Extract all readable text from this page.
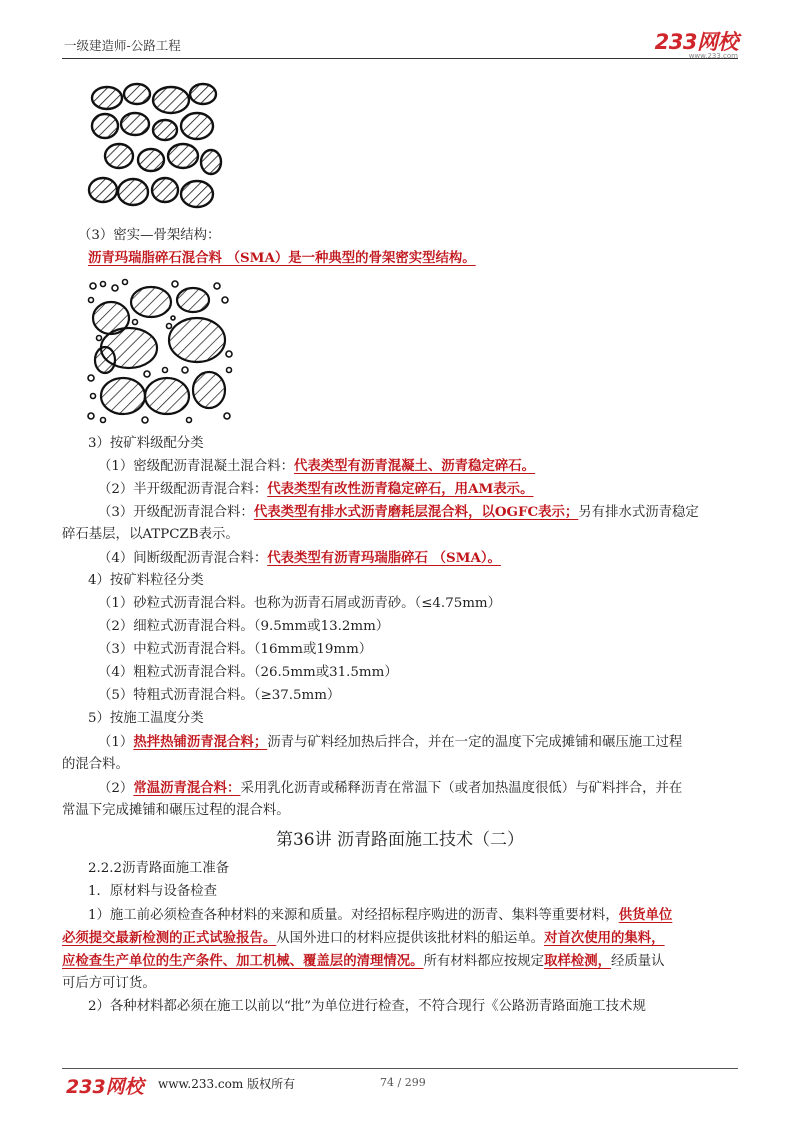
一级建造师-公路工程	233网校
www.233.com
（3）密实—骨架结构：
沥青玛瑞脂碎石混合料 （SMA）是一种典型的骨架密实型结构。
3）按矿料级配分类
（1）密级配沥青混凝土混合料：代表类型有沥青混凝土、沥青稳定碎石。
（2）半开级配沥青混合料：代表类型有改性沥青稳定碎石，用AM表示。
（3）开级配沥青混合料：代表类型有排水式沥青磨耗层混合料，以OGFC表示；另有排水式沥青稳定
碎石基层，以ATPCZB表示。
（4）间断级配沥青混合料：代表类型有沥青玛瑞脂碎石 （SMA）。
4）按矿料粒径分类
（1）砂粒式沥青混合料。也称为沥青石屑或沥青砂。（≤4.75mm）
（2）细粒式沥青混合料。（9.5mm或13.2mm）
（3）中粒式沥青混合料。（16mm或19mm）
（4）粗粒式沥青混合料。（26.5mm或31.5mm）
（5）特粗式沥青混合料。（≥37.5mm）
5）按施工温度分类
（1）热拌热铺沥青混合料；沥青与矿料经加热后拌合，并在一定的温度下完成摊铺和碾压施工过程
的混合料。
（2）常温沥青混合料：采用乳化沥青或稀释沥青在常温下（或者加热温度很低）与矿料拌合，并在
常温下完成摊铺和碾压过程的混合料。
第36讲 沥青路面施工技术（二）
2.2.2沥青路面施工准备
1．原材料与设备检查
1）施工前必须检查各种材料的来源和质量。对经招标程序购进的沥青、集料等重要材料，供货单位
必须提交最新检测的正式试验报告。从国外进口的材料应提供该批材料的船运单。对首次使用的集料，
应检查生产单位的生产条件、加工机械、覆盖层的清理情况。所有材料都应按规定取样检测，经质量认
可后方可订货。
2）各种材料都必须在施工以前以“批”为单位进行检查，不符合现行《公路沥青路面施工技术规
233网校 www.233.com 版权所有	74 / 299
